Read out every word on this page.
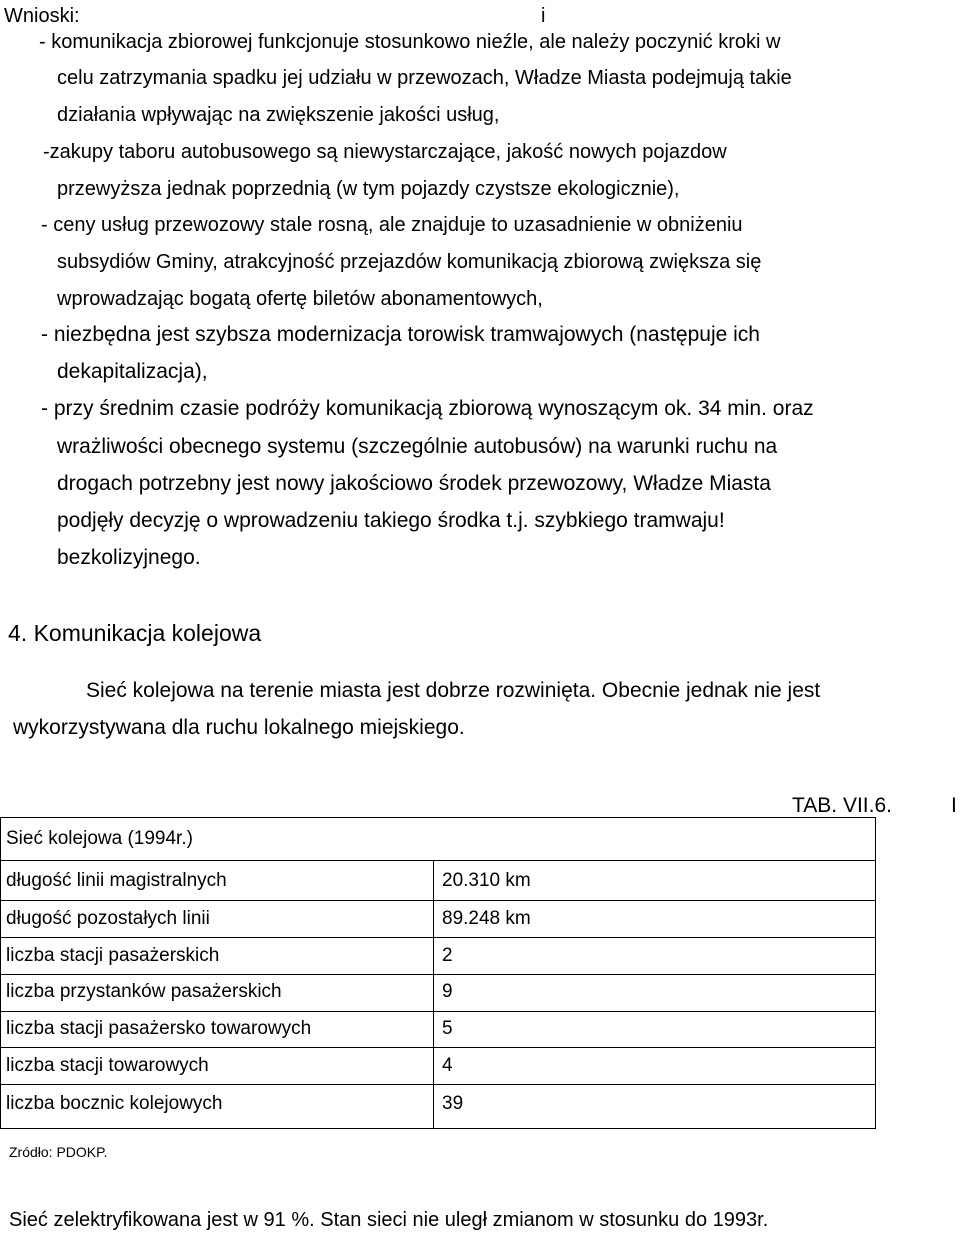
Wnioski:	i
- komunikacja zbiorowej funkcjonuje stosunkowo nieźle, ale należy poczynić kroki w
celu zatrzymania spadku jej udziału w przewozach, Władze Miasta podejmują takie
działania wpływając na zwiększenie jakości usług,
-zakupy taboru autobusowego są niewystarczające, jakość nowych pojazdow
przewyższa jednak poprzednią (w tym pojazdy czystsze ekologicznie),
- ceny usług przewozowy stale rosną, ale znajduje to uzasadnienie w obniżeniu
subsydiów Gminy, atrakcyjność przejazdów komunikacją zbiorową zwiększa się
wprowadzając bogatą ofertę biletów abonamentowych,
- niezbędna jest szybsza modernizacja torowisk tramwajowych (następuje ich
dekapitalizacja),
- przy średnim czasie podróży komunikacją zbiorową wynoszącym ok. 34 min. oraz
wrażliwości obecnego systemu (szczególnie autobusów) na warunki ruchu na
drogach potrzebny jest nowy jakościowo środek przewozowy, Władze Miasta
podjęły decyzję o wprowadzeniu takiego środka t.j. szybkiego tramwaju!
bezkolizyjnego.
4. Komunikacja kolejowa
Sieć kolejowa na terenie miasta jest dobrze rozwinięta. Obecnie jednak nie jest
wykorzystywana dla ruchu lokalnego miejskiego.
TAB. VII.6.	I
Sieć kolejowa (1994r.)
długość linii magistralnych	20.310 km
długość pozostałych linii	89.248 km
liczba stacji pasażerskich	2
liczba przystanków pasażerskich	9
liczba stacji pasażersko towarowych	5
liczba stacji towarowych	4
liczba bocznic kolejowych	39
Zródło: PDOKP.
Sieć zelektryfikowana jest w 91 %. Stan sieci nie uległ zmianom w stosunku do 1993r.
